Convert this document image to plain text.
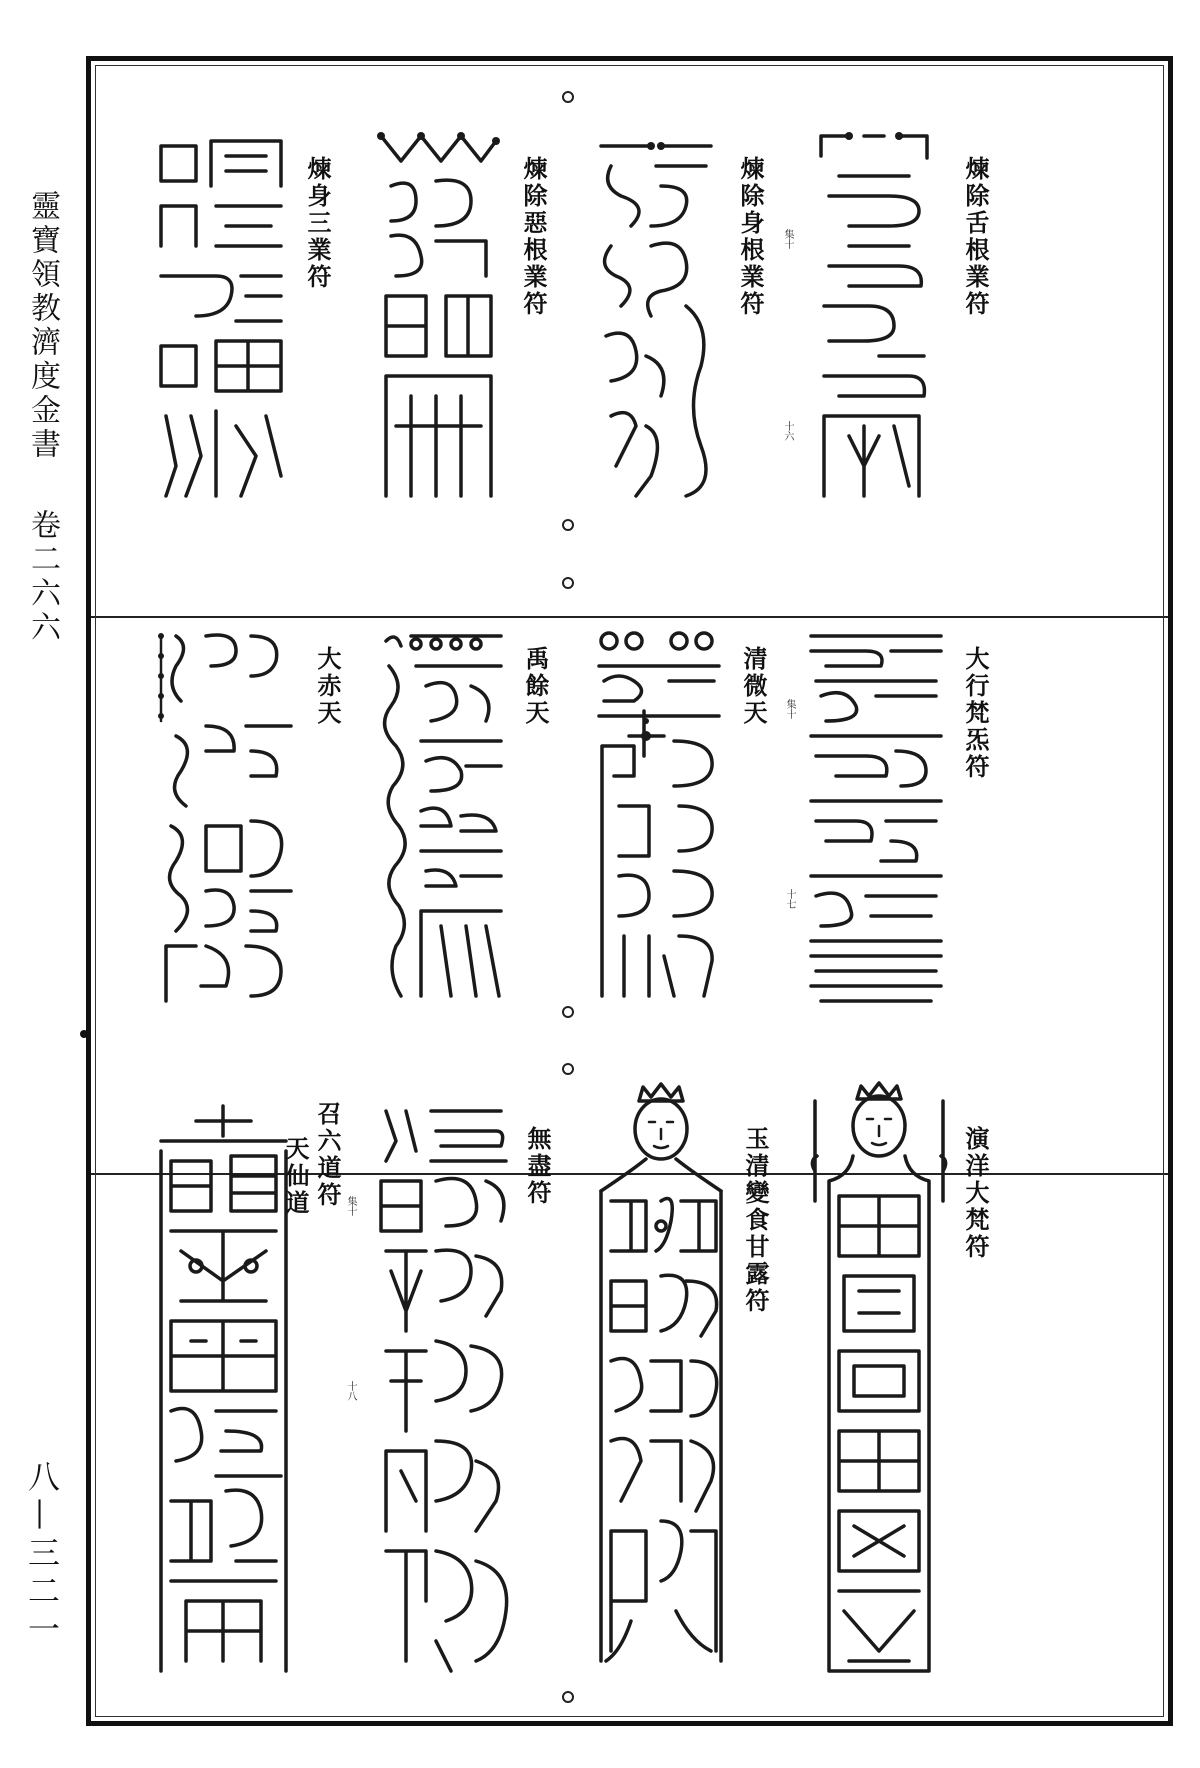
靈寶領教濟度金書  卷二六六
八—三二一
煉除舌根業符
煉除身根業符
煉除惡根業符
煉身三業符	集十
十六
大行梵炁符
清微天
禹餘天
大赤天	集十
十七
演洋大梵符
玉清變食甘露符
無盡符
召六道符
天仙道	集十
十八
